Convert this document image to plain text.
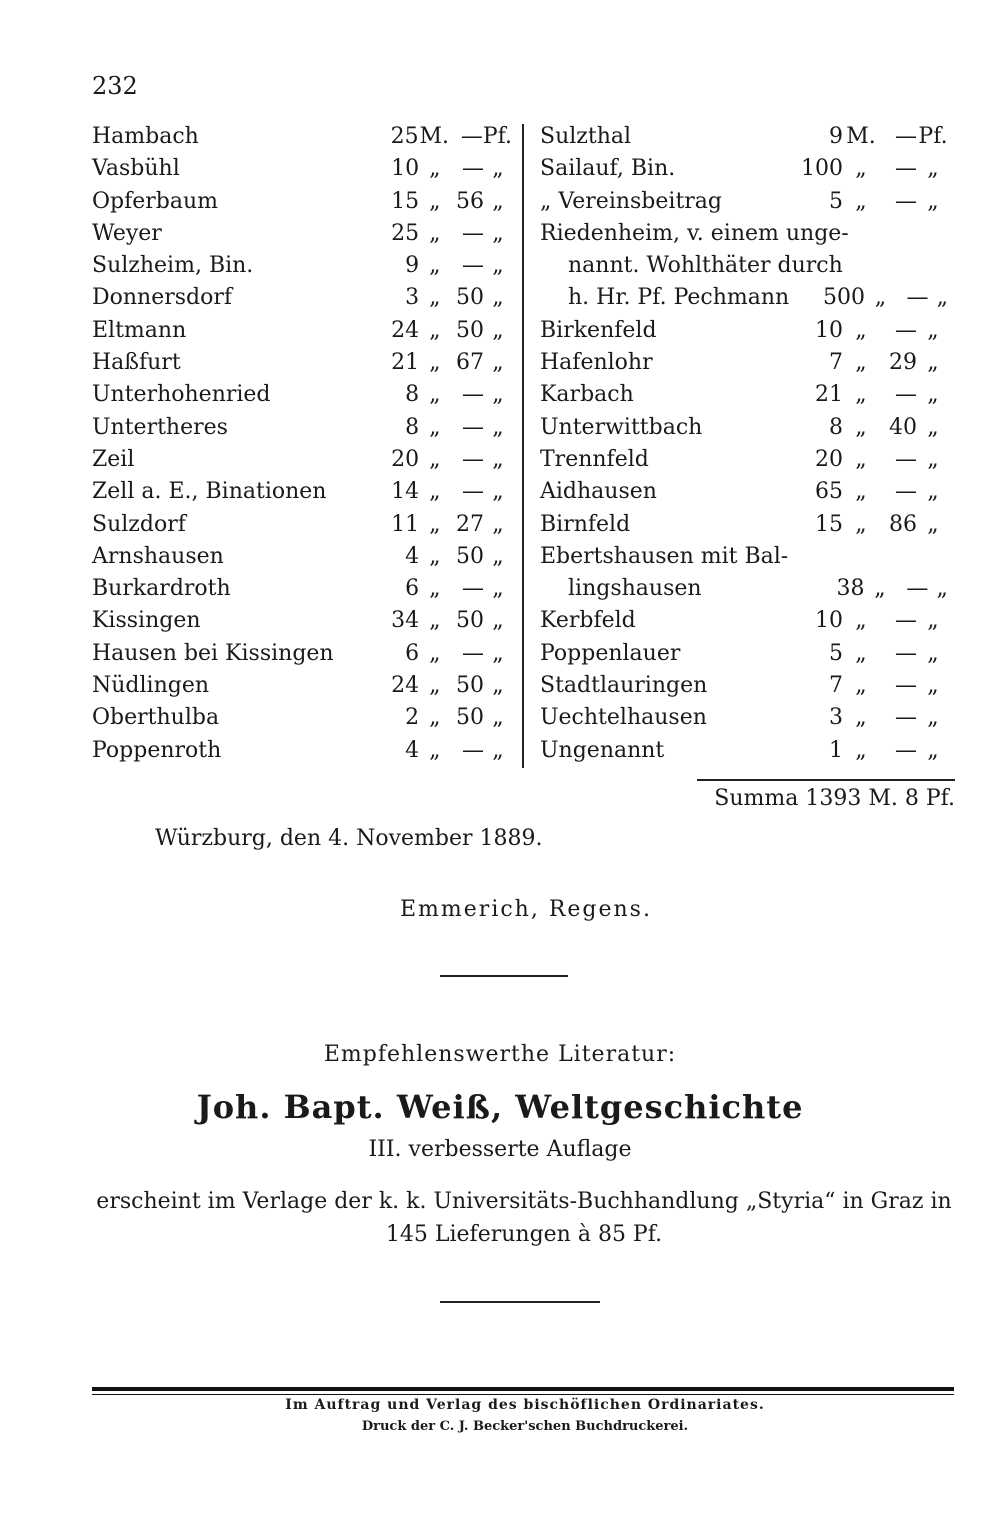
232
Hambach	25 M. — Pf.
Vasbühl	10 „ — „
Opferbaum	15 „ 56 „
Weyer	25 „ — „
Sulzheim, Bin.	9 „ — „
Donnersdorf	3 „ 50 „
Eltmann	24 „ 50 „
Haßfurt	21 „ 67 „
Unterhohenried	8 „ — „
Untertheres	8 „ — „
Zeil	20 „ — „
Zell a. E., Binationen	14 „ — „
Sulzdorf	11 „ 27 „
Arnshausen	4 „ 50 „
Burkardroth	6 „ — „
Kissingen	34 „ 50 „
Hausen bei Kissingen	6 „ — „
Nüdlingen	24 „ 50 „
Oberthulba	2 „ 50 „
Poppenroth	4 „ — „
Sulzthal	9 M. — Pf.
Sailauf, Bin.	100 „	— „
„ Vereinsbeitrag	5 „	— „
Riedenheim, v. einem unge-
nannt. Wohlthäter durch
h. Hr. Pf. Pechmann	500 „ — „
Birkenfeld	10 „	— „
Hafenlohr	7 „	29 „
Karbach	21 „	— „
Unterwittbach	8 „	40 „
Trennfeld	20 „	— „
Aidhausen	65 „	— „
Birnfeld	15 „	86 „
Ebertshausen mit Bal-
lingshausen	38 „ — „
Kerbfeld	10 „	— „
Poppenlauer	5 „	— „
Stadtlauringen	7 „	— „
Uechtelhausen	3 „	— „
Ungenannt	1 „	— „
Summa 1393 M. 8 Pf.
Würzburg, den 4. November 1889.
Emmerich, Regens.
Empfehlenswerthe Literatur:
Joh. Bapt. Weiß, Weltgeschichte
III. verbesserte Auflage
erscheint im Verlage der k. k. Universitäts-Buchhandlung „Styria“ in Graz in 145 Lieferungen à 85 Pf.
Im Auftrag und Verlag des bischöflichen Ordinariates.
Druck der C. J. Becker'schen Buchdruckerei.
